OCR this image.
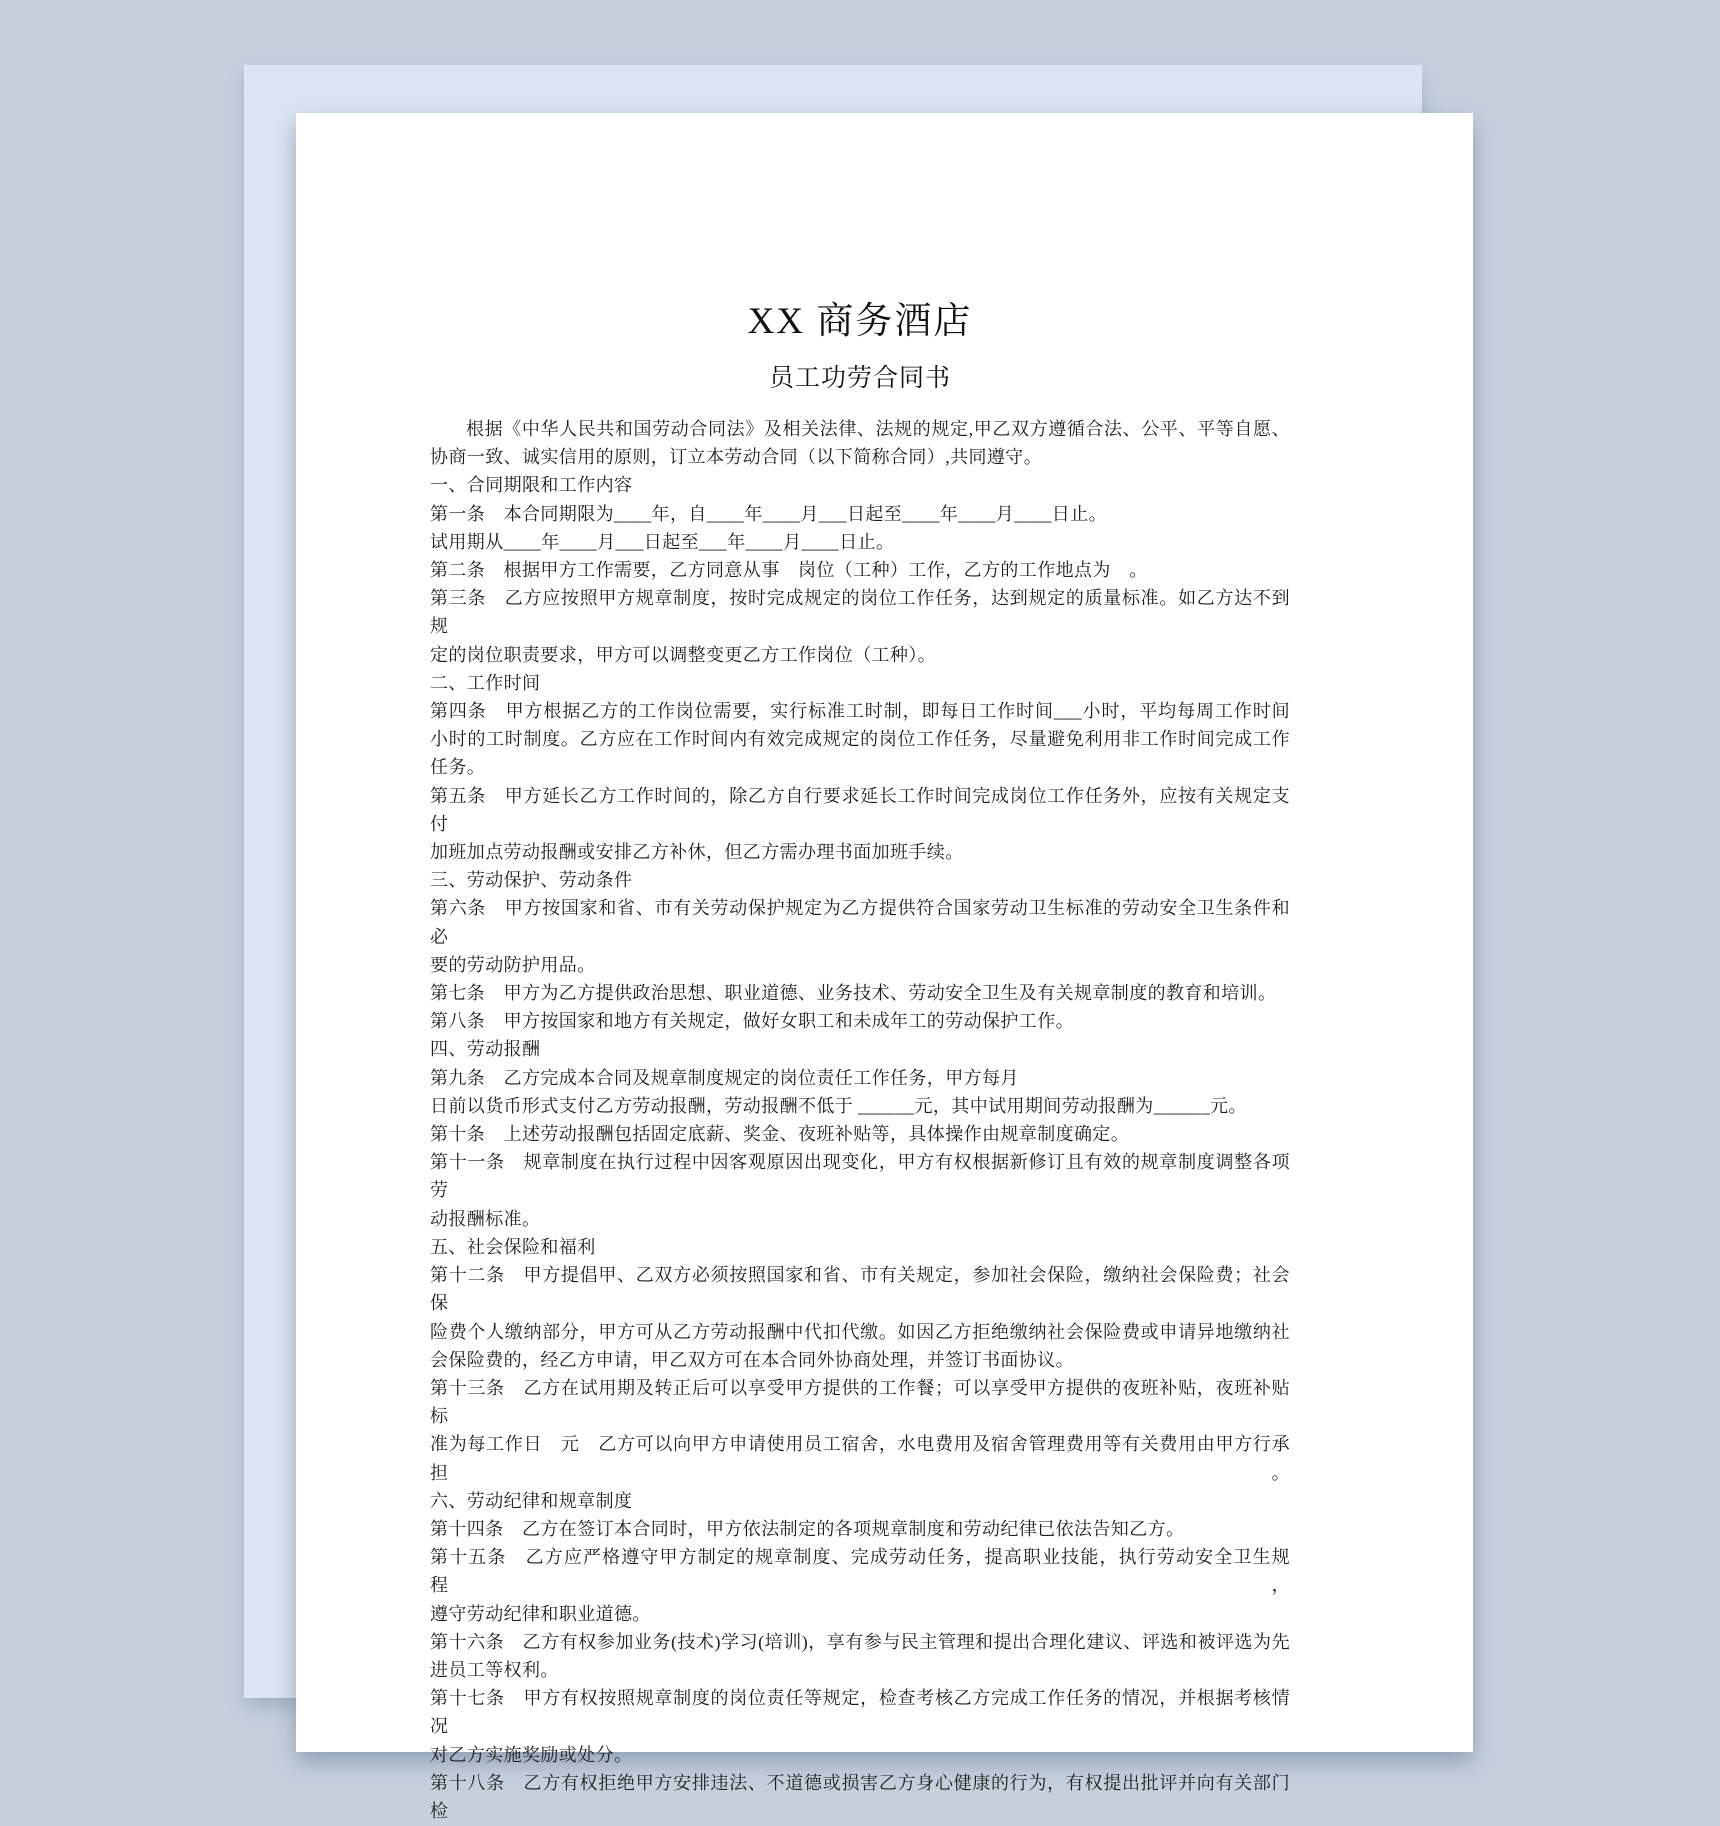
XX 商务酒店
员工功劳合同书
根据《中华人民共和国劳动合同法》及相关法律、法规的规定,甲乙双方遵循合法、公平、平等自愿、
协商一致、诚实信用的原则，订立本劳动合同（以下简称合同）,共同遵守。
一、合同期限和工作内容
第一条　本合同期限为____年，自____年____月___日起至____年____月____日止。
试用期从____年____月___日起至___年____月____日止。
第二条　根据甲方工作需要，乙方同意从事　岗位（工种）工作，乙方的工作地点为　。
第三条　乙方应按照甲方规章制度，按时完成规定的岗位工作任务，达到规定的质量标准。如乙方达不到规
定的岗位职责要求，甲方可以调整变更乙方工作岗位（工种）。
二、工作时间
第四条　甲方根据乙方的工作岗位需要，实行标准工时制，即每日工作时间___小时，平均每周工作时间
小时的工时制度。乙方应在工作时间内有效完成规定的岗位工作任务，尽量避免利用非工作时间完成工作
任务。
第五条　甲方延长乙方工作时间的，除乙方自行要求延长工作时间完成岗位工作任务外，应按有关规定支付
加班加点劳动报酬或安排乙方补休，但乙方需办理书面加班手续。
三、劳动保护、劳动条件
第六条　甲方按国家和省、市有关劳动保护规定为乙方提供符合国家劳动卫生标准的劳动安全卫生条件和必
要的劳动防护用品。
第七条　甲方为乙方提供政治思想、职业道德、业务技术、劳动安全卫生及有关规章制度的教育和培训。
第八条　甲方按国家和地方有关规定，做好女职工和未成年工的劳动保护工作。
四、劳动报酬
第九条　乙方完成本合同及规章制度规定的岗位责任工作任务，甲方每月
日前以货币形式支付乙方劳动报酬，劳动报酬不低于 ______元，其中试用期间劳动报酬为______元。
第十条　上述劳动报酬包括固定底薪、奖金、夜班补贴等，具体操作由规章制度确定。
第十一条　规章制度在执行过程中因客观原因出现变化，甲方有权根据新修订且有效的规章制度调整各项劳
动报酬标准。
五、社会保险和福利
第十二条　甲方提倡甲、乙双方必须按照国家和省、市有关规定，参加社会保险，缴纳社会保险费；社会保
险费个人缴纳部分，甲方可从乙方劳动报酬中代扣代缴。如因乙方拒绝缴纳社会保险费或申请异地缴纳社
会保险费的，经乙方申请，甲乙双方可在本合同外协商处理，并签订书面协议。
第十三条　乙方在试用期及转正后可以享受甲方提供的工作餐；可以享受甲方提供的夜班补贴，夜班补贴标
准为每工作日　元　乙方可以向甲方申请使用员工宿舍，水电费用及宿舍管理费用等有关费用由甲方行承担。
六、劳动纪律和规章制度
第十四条　乙方在签订本合同时，甲方依法制定的各项规章制度和劳动纪律已依法告知乙方。
第十五条　乙方应严格遵守甲方制定的规章制度、完成劳动任务，提高职业技能，执行劳动安全卫生规程，
遵守劳动纪律和职业道德。
第十六条　乙方有权参加业务(技术)学习(培训)，享有参与民主管理和提出合理化建议、评选和被评选为先
进员工等权利。
第十七条　甲方有权按照规章制度的岗位责任等规定，检查考核乙方完成工作任务的情况，并根据考核情况
对乙方实施奖励或处分。
第十八条　乙方有权拒绝甲方安排违法、不道德或损害乙方身心健康的行为，有权提出批评并向有关部门检
